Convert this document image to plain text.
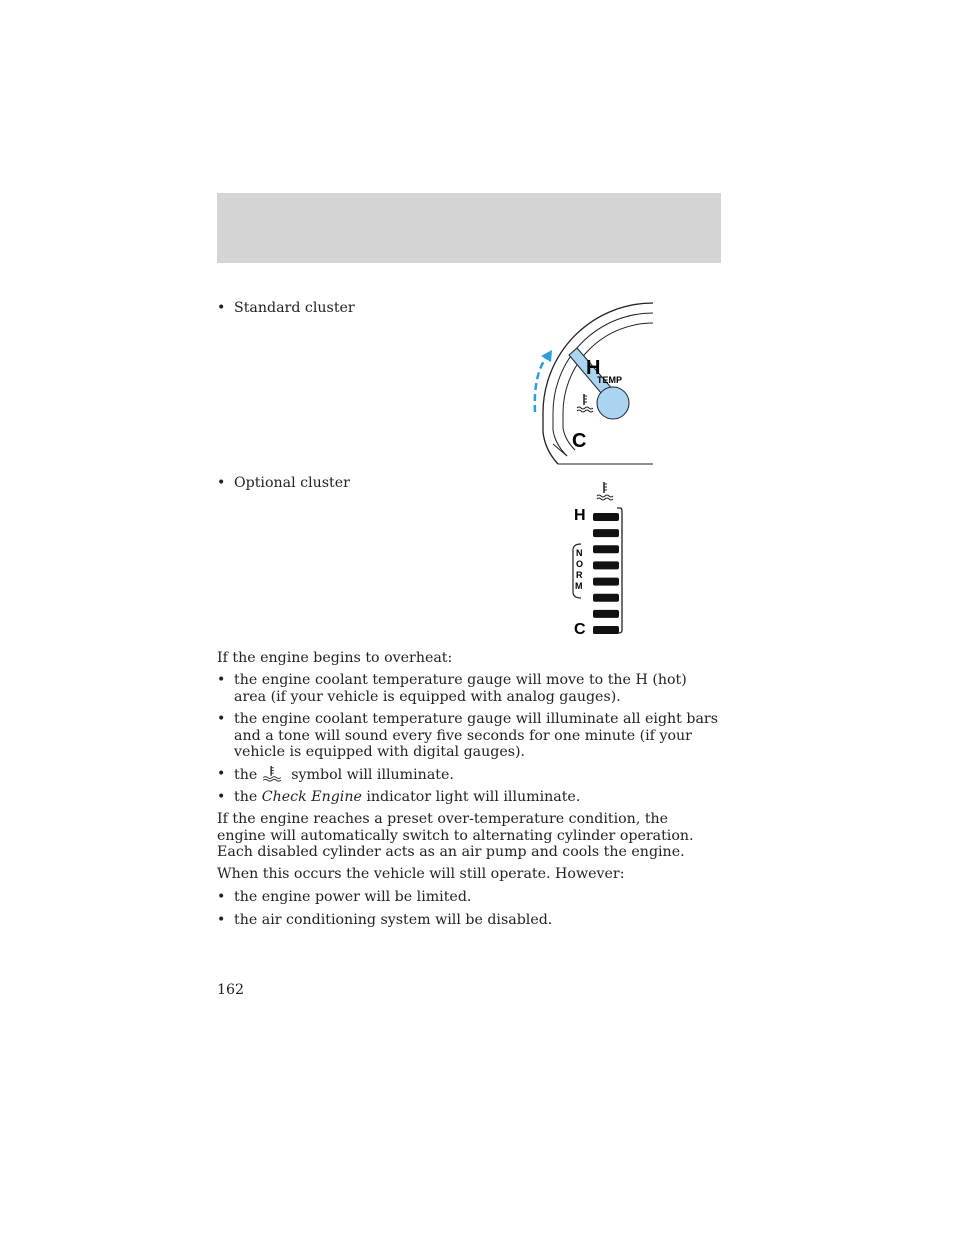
• Standard cluster
H
TEMP
C
• Optional cluster
H
C
N
O
R
M
If the engine begins to overheat:
• the engine coolant temperature gauge will move to the H (hot) area (if your vehicle is equipped with analog gauges).
• the engine coolant temperature gauge will illuminate all eight bars and a tone will sound every five seconds for one minute (if your vehicle is equipped with digital gauges).
• the symbol will illuminate.
• the Check Engine indicator light will illuminate.
If the engine reaches a preset over-temperature condition, the engine will automatically switch to alternating cylinder operation. Each disabled cylinder acts as an air pump and cools the engine.
When this occurs the vehicle will still operate. However:
• the engine power will be limited.
• the air conditioning system will be disabled.
162
